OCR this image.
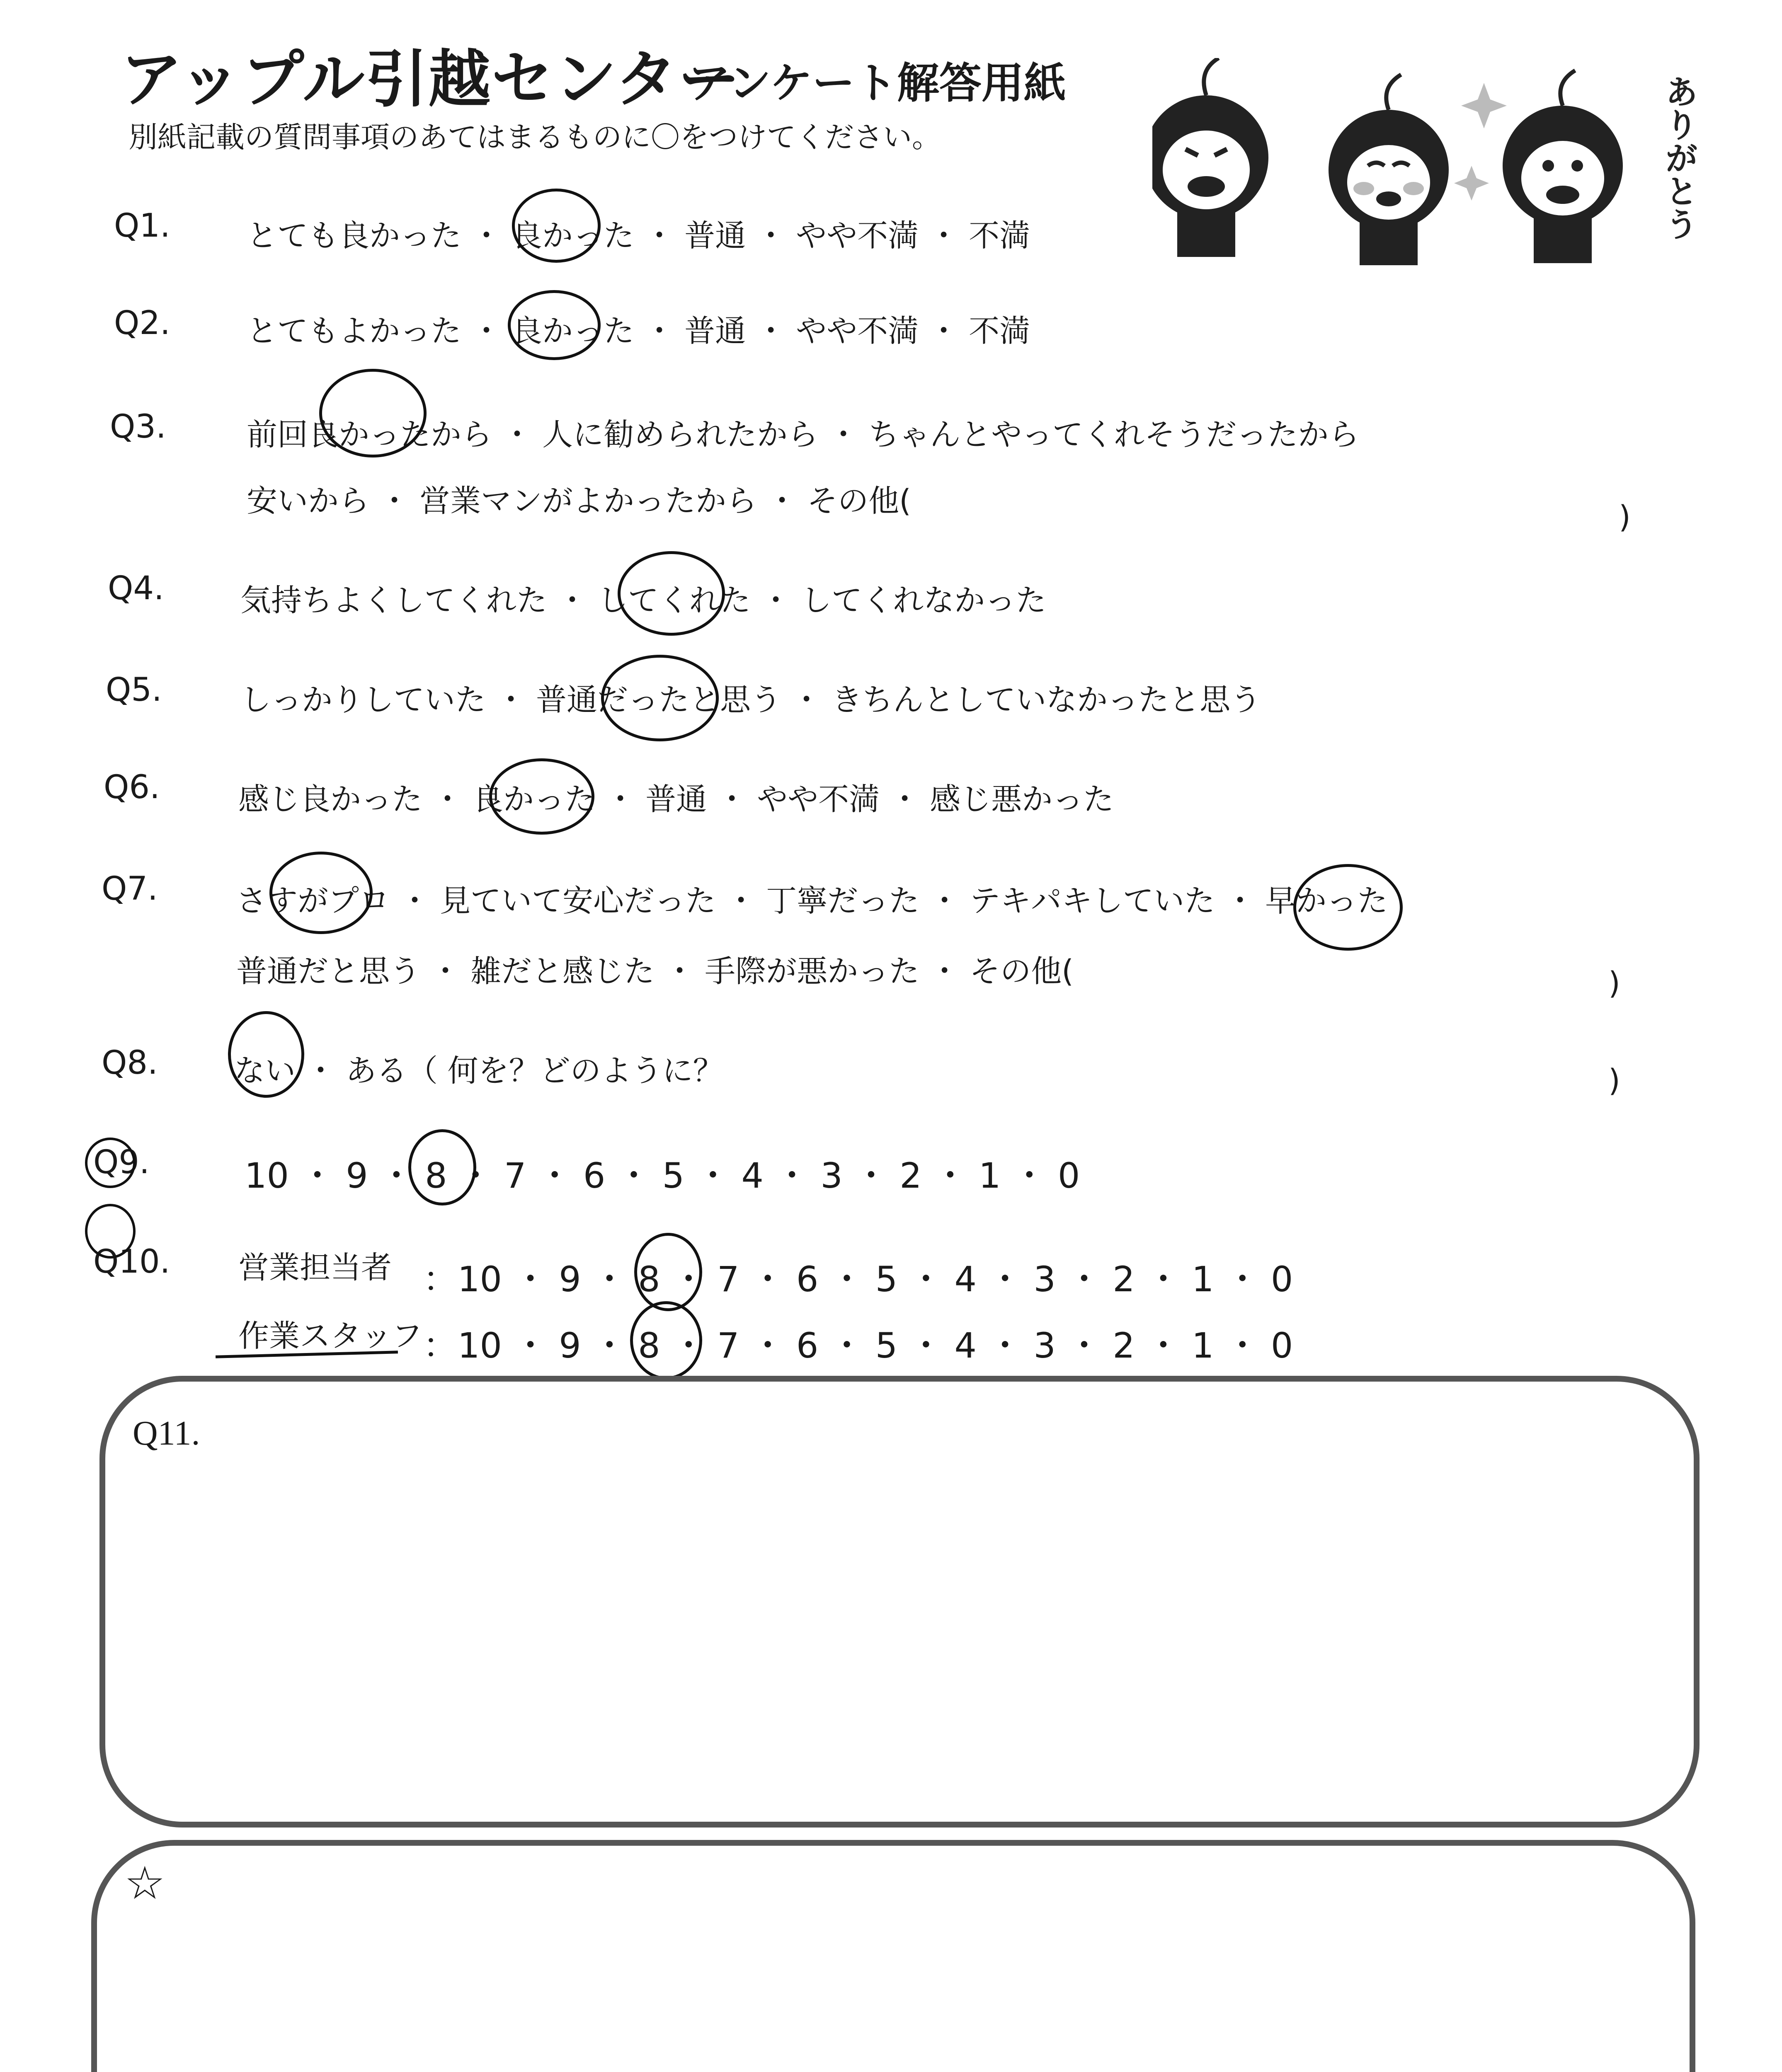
アップル引越センター
アンケート解答用紙
別紙記載の質問事項のあてはまるものに〇をつけてください。	ありがとう
Q1. とても良かった ・ 良かった ・ 普通 ・ やや不満 ・ 不満
Q2. とてもよかった ・ 良かった ・ 普通 ・ やや不満 ・ 不満
Q3.	前回良かったから ・ 人に勧められたから ・ ちゃんとやってくれそうだったから
安いから ・ 営業マンがよかったから ・ その他(	)
Q4. 気持ちよくしてくれた ・ してくれた ・ してくれなかった
Q5.	しっかりしていた ・ 普通だったと思う ・ きちんとしていなかったと思う
Q6.	感じ良かった ・ 良かった ・ 普通 ・ やや不満 ・ 感じ悪かった
Q7.	さすがプロ ・ 見ていて安心だった ・ 丁寧だった ・ テキパキしていた ・ 早かった
普通だと思う ・ 雑だと感じた ・ 手際が悪かった ・ その他(	)
Q8. ない ・ ある（ 何を？どのように？	)
Q9.	10 ・ 9 ・ 8 ・ 7 ・ 6 ・ 5 ・ 4 ・ 3 ・ 2 ・ 1 ・ 0
Q10. 営業担当者 ：10 ・ 9 ・ 8 ・ 7 ・ 6 ・ 5 ・ 4 ・ 3 ・ 2 ・ 1 ・ 0
作業スタッフ ：10 ・ 9 ・ 8 ・ 7 ・ 6 ・ 5 ・ 4 ・ 3 ・ 2 ・ 1 ・ 0
Q11.
☆
